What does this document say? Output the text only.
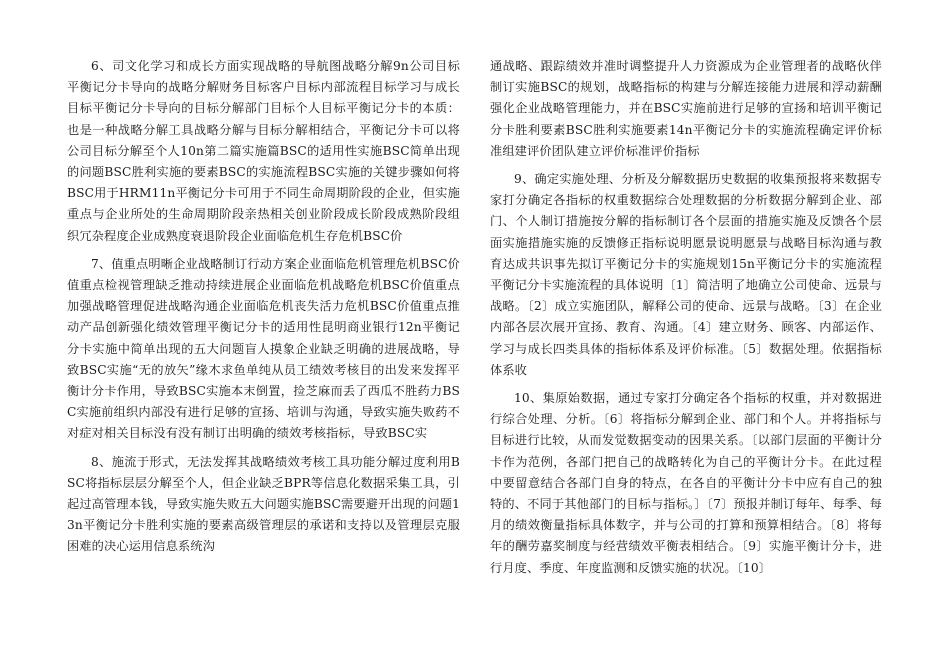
6、司文化学习和成长方面实现战略的导航图战略分解9n公司目标平衡记分卡导向的战略分解财务目标客户目标内部流程目标学习与成长目标平衡记分卡导向的目标分解部门目标个人目标平衡记分卡的本质：也是一种战略分解工具战略分解与目标分解相结合，平衡记分卡可以将公司目标分解至个人10n第二篇实施篇BSC的适用性实施BSC简单出现的问题BSC胜利实施的要素BSC的实施流程BSC实施的关键步骤如何将BSC用于HRM11n平衡记分卡可用于不同生命周期阶段的企业，但实施重点与企业所处的生命周期阶段亲热相关创业阶段成长阶段成熟阶段组织冗杂程度企业成熟度衰退阶段企业面临危机生存危机BSC价

7、值重点明晰企业战略制订行动方案企业面临危机管理危机BSC价值重点检视管理缺乏推动持续进展企业面临危机战略危机BSC价值重点加强战略管理促进战略沟通企业面临危机丧失活力危机BSC价值重点推动产品创新强化绩效管理平衡记分卡的适用性昆明商业银行12n平衡记分卡实施中简单出现的五大问题盲人摸象企业缺乏明确的进展战略，导致BSC实施“无的放矢”缘木求鱼单纯从员工绩效考核目的出发来发挥平衡计分卡作用，导致BSC实施本末倒置，捡芝麻而丢了西瓜不胜药力BSC实施前组织内部没有进行足够的宣扬、培训与沟通，导致实施失败药不对症对相关目标没有没有制订出明确的绩效考核指标，导致BSC实

8、施流于形式，无法发挥其战略绩效考核工具功能分解过度利用BSC将指标层层分解至个人，但企业缺乏BPR等信息化数据采集工具，引起过高管理本钱，导致实施失败五大问题实施BSC需要避开出现的问题13n平衡记分卡胜利实施的要素高级管理层的承诺和支持以及管理层克服困难的决心运用信息系统沟

通战略、跟踪绩效并准时调整提升人力资源成为企业管理者的战略伙伴制订实施BSC的规划，战略指标的构建与分解连接能力进展和浮动薪酬强化企业战略管理能力，并在BSC实施前进行足够的宣扬和培训平衡记分卡胜利要素BSC胜利实施要素14n平衡记分卡的实施流程确定评价标准组建评价团队建立评价标准评价指标

9、确定实施处理、分析及分解数据历史数据的收集预报将来数据专家打分确定各指标的权重数据综合处理数据的分析数据分解到企业、部门、个人制订措施按分解的指标制订各个层面的措施实施及反馈各个层面实施措施实施的反馈修正指标说明愿景说明愿景与战略目标沟通与教育达成共识事先拟订平衡记分卡的实施规划15n平衡记分卡的实施流程平衡记分卡实施流程的具体说明〔1〕简洁明了地确立公司使命、远景与战略。〔2〕成立实施团队，解释公司的使命、远景与战略。〔3〕在企业内部各层次展开宣扬、教育、沟通。〔4〕建立财务、顾客、内部运作、学习与成长四类具体的指标体系及评价标准。〔5〕数据处理。依据指标体系收

10、集原始数据，通过专家打分确定各个指标的权重，并对数据进行综合处理、分析。〔6〕将指标分解到企业、部门和个人。并将指标与目标进行比较，从而发觉数据变动的因果关系。〔以部门层面的平衡计分卡作为范例，各部门把自己的战略转化为自己的平衡计分卡。在此过程中要留意结合各部门自身的特点，在各自的平衡计分卡中应有自己的独特的、不同于其他部门的目标与指标。〕〔7〕预报并制订每年、每季、每月的绩效衡量指标具体数字，并与公司的打算和预算相结合。〔8〕将每年的酬劳嘉奖制度与经营绩效平衡表相结合。〔9〕实施平衡计分卡，进行月度、季度、年度监测和反馈实施的状况。〔10〕
